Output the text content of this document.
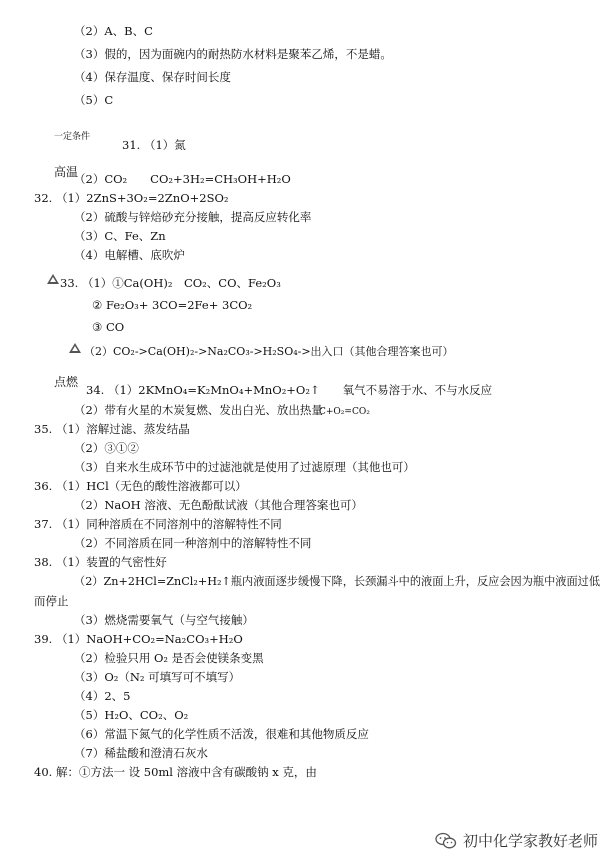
（2）A、B、C
（3）假的，因为面碗内的耐热防水材料是聚苯乙烯，不是蜡。
（4）保存温度、保存时间长度
（5）C
一定条件
31. （1）氮
高温
（2）CO₂　　CO₂+3H₂=CH₃OH+H₂O
32. （1）2ZnS+3O₂=2ZnO+2SO₂
（2）硫酸与锌焙砂充分接触，提高反应转化率
（3）C、Fe、Zn
（4）电解槽、底吹炉
33. （1）①Ca(OH)₂　CO₂、CO、Fe₂O₃
② Fe₂O₃+ 3CO=2Fe+ 3CO₂
③ CO
（2）CO₂->Ca(OH)₂->Na₂CO₃->H₂SO₄->出入口（其他合理答案也可）
点燃
34. （1）2KMnO₄=K₂MnO₄+MnO₂+O₂↑　　氧气不易溶于水、不与水反应
（2）带有火星的木炭复燃、发出白光、放出热量
C+O₂=CO₂
35. （1）溶解过滤、蒸发结晶
（2）③①②
（3）自来水生成环节中的过滤池就是使用了过滤原理（其他也可）
36. （1）HCl（无色的酸性溶液都可以）
（2）NaOH 溶液、无色酚酞试液（其他合理答案也可）
37. （1）同种溶质在不同溶剂中的溶解特性不同
（2）不同溶质在同一种溶剂中的溶解特性不同
38. （1）装置的气密性好
（2）Zn+2HCl=ZnCl₂+H₂↑瓶内液面逐步缓慢下降，长颈漏斗中的液面上升，反应会因为瓶中液面过低
而停止
（3）燃烧需要氧气（与空气接触）
39. （1）NaOH+CO₂=Na₂CO₃+H₂O
（2）检验只用 O₂ 是否会使镁条变黑
（3）O₂（N₂ 可填写可不填写）
（4）2、5
（5）H₂O、CO₂、O₂
（6）常温下氮气的化学性质不活泼，很难和其他物质反应
（7）稀盐酸和澄清石灰水
40. 解：①方法一 设 50ml 溶液中含有碳酸钠 x 克，由
初中化学家教好老师
